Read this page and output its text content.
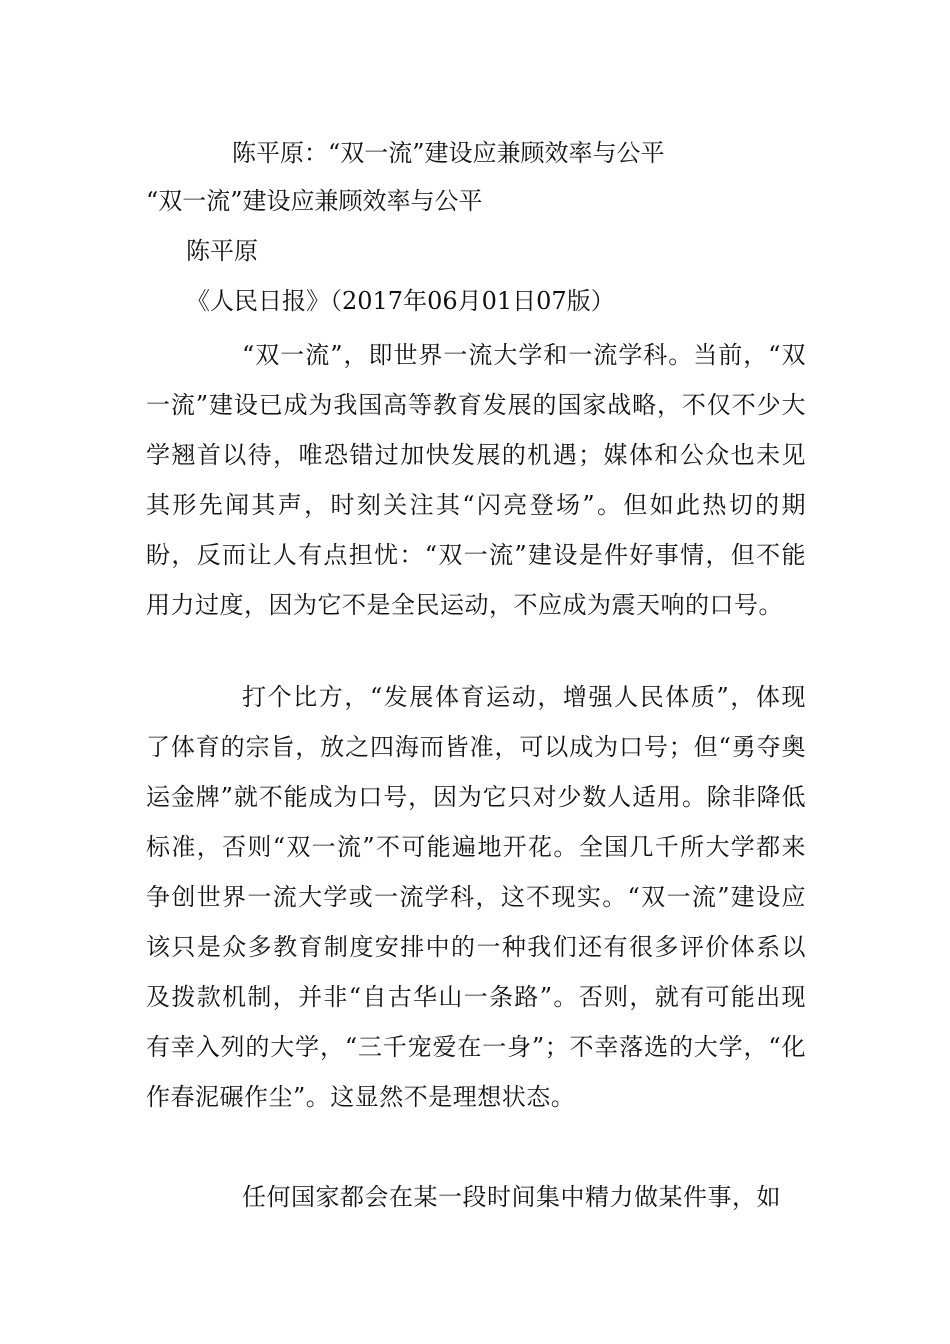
陈平原：“双一流”建设应兼顾效率与公平
“双一流”建设应兼顾效率与公平
陈平原
《人民日报》（2017年06月01日07版）
“双一流”，即世界一流大学和一流学科。当前，“双一流”建设已成为我国高等教育发展的国家战略，不仅不少大学翘首以待，唯恐错过加快发展的机遇；媒体和公众也未见其形先闻其声，时刻关注其“闪亮登场”。但如此热切的期盼，反而让人有点担忧：“双一流”建设是件好事情，但不能用力过度，因为它不是全民运动，不应成为震天响的口号。
打个比方，“发展体育运动，增强人民体质”，体现了体育的宗旨，放之四海而皆准，可以成为口号；但“勇夺奥运金牌”就不能成为口号，因为它只对少数人适用。除非降低标准，否则“双一流”不可能遍地开花。全国几千所大学都来争创世界一流大学或一流学科，这不现实。“双一流”建设应该只是众多教育制度安排中的一种我们还有很多评价体系以及拨款机制，并非“自古华山一条路”。否则，就有可能出现有幸入列的大学，“三千宠爱在一身”；不幸落选的大学，“化作春泥碾作尘”。这显然不是理想状态。
任何国家都会在某一段时间集中精力做某件事，如
